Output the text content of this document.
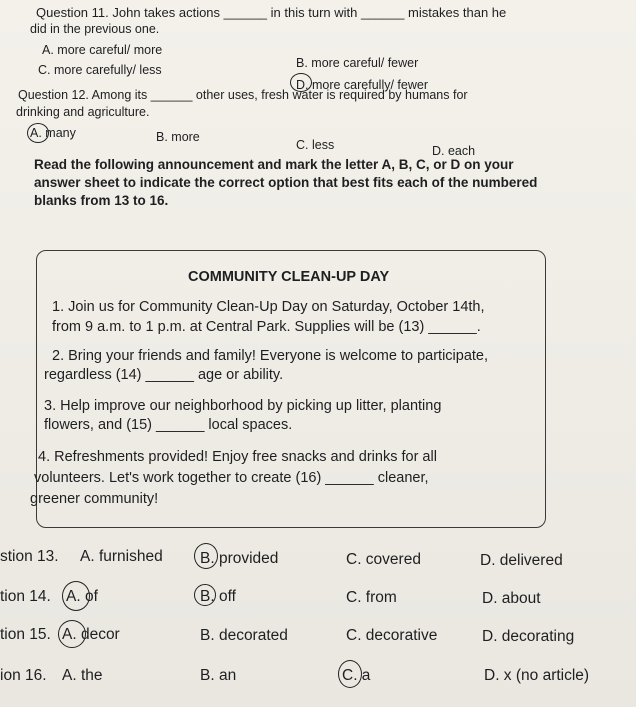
Question 11. John takes actions ______ in this turn with ______ mistakes than he
did in the previous one.
A. more careful/ more
B. more careful/ fewer
C. more carefully/ less
D. more carefully/ fewer
Question 12. Among its ______ other uses, fresh water is required by humans for
drinking and agriculture.
A. many	B. more
C. less	D. each
Read the following announcement and mark the letter A, B, C, or D on your
answer sheet to indicate the correct option that best fits each of the numbered
blanks from 13 to 16.
COMMUNITY CLEAN-UP DAY
1. Join us for Community Clean-Up Day on Saturday, October 14th,
from 9 a.m. to 1 p.m. at Central Park. Supplies will be (13) ______.
2. Bring your friends and family! Everyone is welcome to participate,
regardless (14) ______ age or ability.
3. Help improve our neighborhood by picking up litter, planting
flowers, and (15) ______ local spaces.
4. Refreshments provided! Enjoy free snacks and drinks for all
volunteers. Let's work together to create (16) ______ cleaner,
greener community!
stion 13. A. furnished B. provided	C. covered	D. delivered
tion 14. A. of	B. off	C. from	D. about
tion 15. A. decor	B. decorated	C. decorative	D. decorating
ion 16. A. the	B. an	C. a	D. x (no article)
